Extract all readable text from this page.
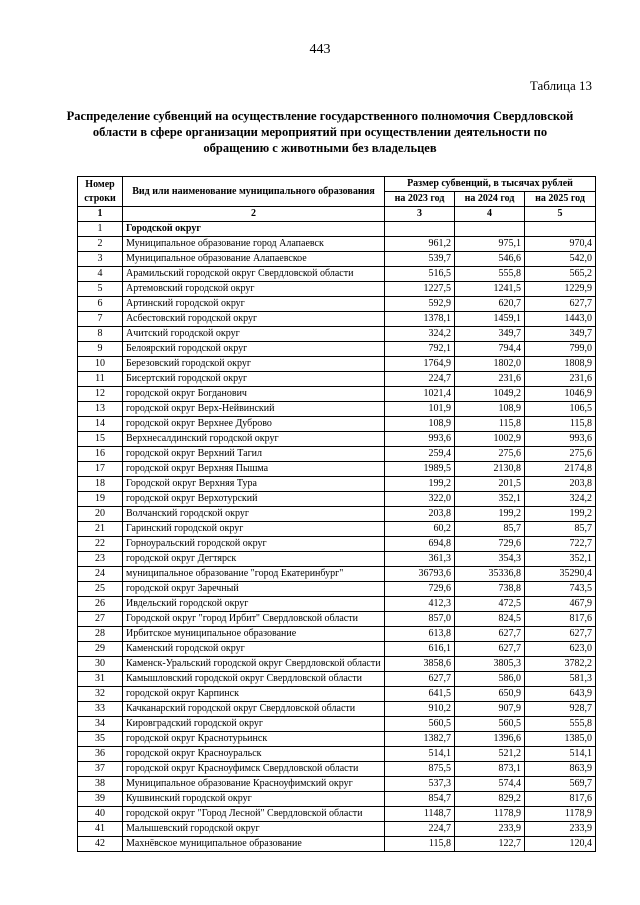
443
Таблица 13
Распределение субвенций на осуществление государственного полномочия Свердловской области в сфере организации мероприятий при осуществлении деятельности по обращению с животными без владельцев
Номер строки	Вид или наименование муниципального образования	Размер субвенций, в тысячах рублей		
		на 2023 год	на 2024 год	на 2025 год
1	2	3	4	5
1	Городской округ			
2	Муниципальное образование город Алапаевск	961,2	975,1	970,4
3	Муниципальное образование Алапаевское	539,7	546,6	542,0
4	Арамильский городской округ Свердловской области	516,5	555,8	565,2
5	Артемовский городской округ	1227,5	1241,5	1229,9
6	Артинский городской округ	592,9	620,7	627,7
7	Асбестовский городской округ	1378,1	1459,1	1443,0
8	Ачитский городской округ	324,2	349,7	349,7
9	Белоярский городской округ	792,1	794,4	799,0
10	Березовский городской округ	1764,9	1802,0	1808,9
11	Бисертский городской округ	224,7	231,6	231,6
12	городской округ Богданович	1021,4	1049,2	1046,9
13	городской округ Верх-Нейвинский	101,9	108,9	106,5
14	городской округ Верхнее Дуброво	108,9	115,8	115,8
15	Верхнесалдинский городской округ	993,6	1002,9	993,6
16	городской округ Верхний Тагил	259,4	275,6	275,6
17	городской округ Верхняя Пышма	1989,5	2130,8	2174,8
18	Городской округ Верхняя Тура	199,2	201,5	203,8
19	городской округ Верхотурский	322,0	352,1	324,2
20	Волчанский городской округ	203,8	199,2	199,2
21	Гаринский городской округ	60,2	85,7	85,7
22	Горноуральский городской округ	694,8	729,6	722,7
23	городской округ Дегтярск	361,3	354,3	352,1
24	муниципальное образование "город Екатеринбург"	36793,6	35336,8	35290,4
25	городской округ Заречный	729,6	738,8	743,5
26	Ивдельский городской округ	412,3	472,5	467,9
27	Городской округ "город Ирбит" Свердловской области	857,0	824,5	817,6
28	Ирбитское муниципальное образование	613,8	627,7	627,7
29	Каменский городской округ	616,1	627,7	623,0
30	Каменск-Уральский городской округ Свердловской области	3858,6	3805,3	3782,2
31	Камышловский городской округ Свердловской области	627,7	586,0	581,3
32	городской округ Карпинск	641,5	650,9	643,9
33	Качканарский городской округ Свердловской области	910,2	907,9	928,7
34	Кировградский городской округ	560,5	560,5	555,8
35	городской округ Краснотурьинск	1382,7	1396,6	1385,0
36	городской округ Красноуральск	514,1	521,2	514,1
37	городской округ Красноуфимск Свердловской области	875,5	873,1	863,9
38	Муниципальное образование Красноуфимский округ	537,3	574,4	569,7
39	Кушвинский городской округ	854,7	829,2	817,6
40	городской округ "Город Лесной" Свердловской области	1148,7	1178,9	1178,9
41	Малышевский городской округ	224,7	233,9	233,9
42	Махнёвское муниципальное образование	115,8	122,7	120,4
